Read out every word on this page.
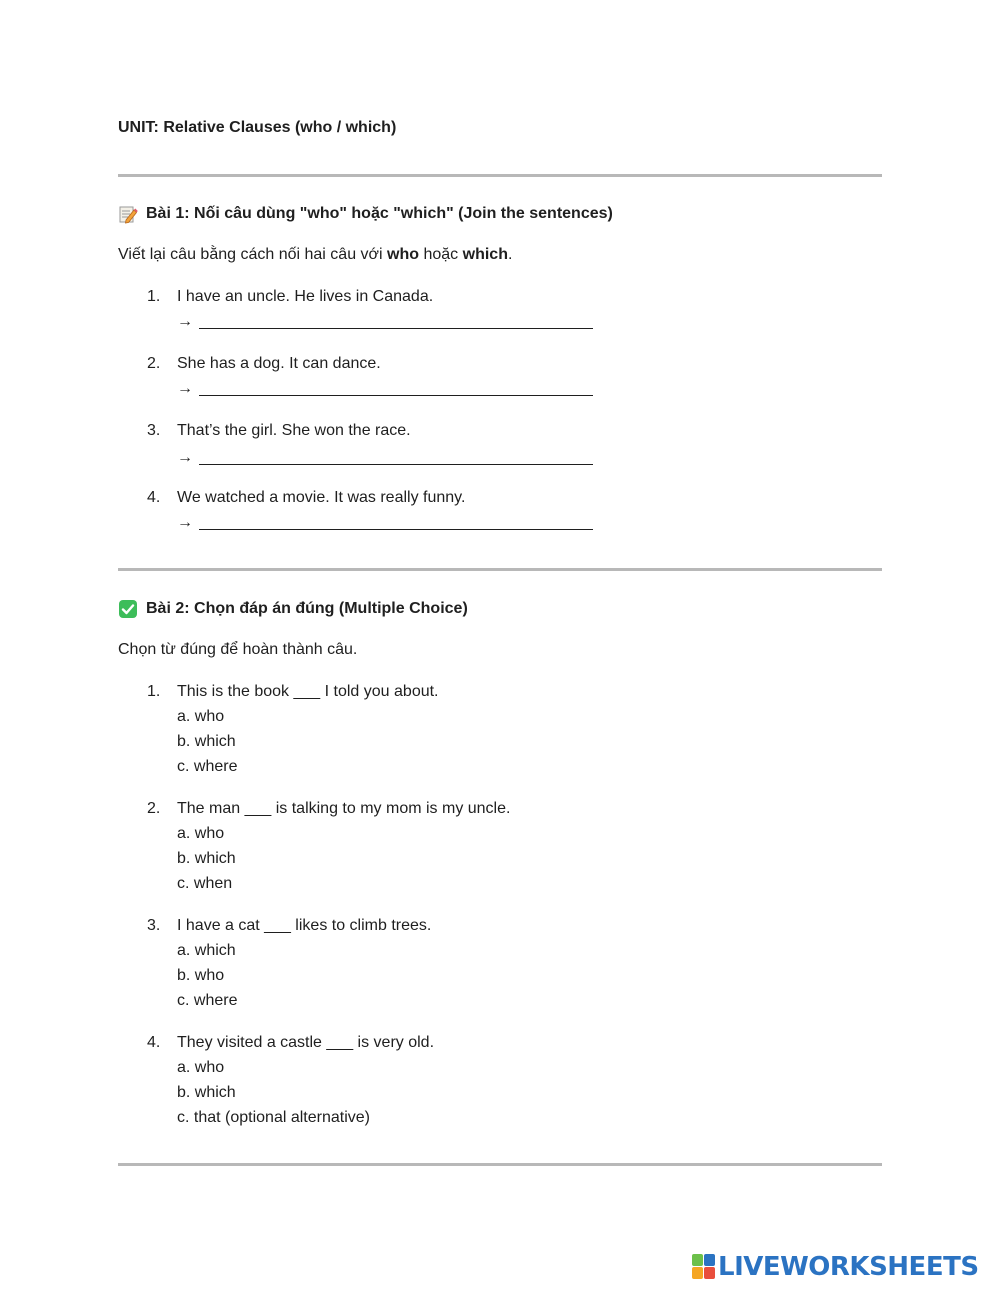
UNIT: Relative Clauses (who / which)
Bài 1: Nối câu dùng "who" hoặc "which" (Join the sentences)
Viết lại câu bằng cách nối hai câu với who hoặc which.
1. I have an uncle. He lives in Canada.
→
2. She has a dog. It can dance.
→
3. That’s the girl. She won the race.
→
4. We watched a movie. It was really funny.
→
Bài 2: Chọn đáp án đúng (Multiple Choice)
Chọn từ đúng để hoàn thành câu.
1. This is the book ___ I told you about.
a. who
b. which
c. where
2. The man ___ is talking to my mom is my uncle.
a. who
b. which
c. when
3. I have a cat ___ likes to climb trees.
a. which
b. who
c. where
4. They visited a castle ___ is very old.
a. who
b. which
c. that (optional alternative)
LIVEWORKSHEETS
